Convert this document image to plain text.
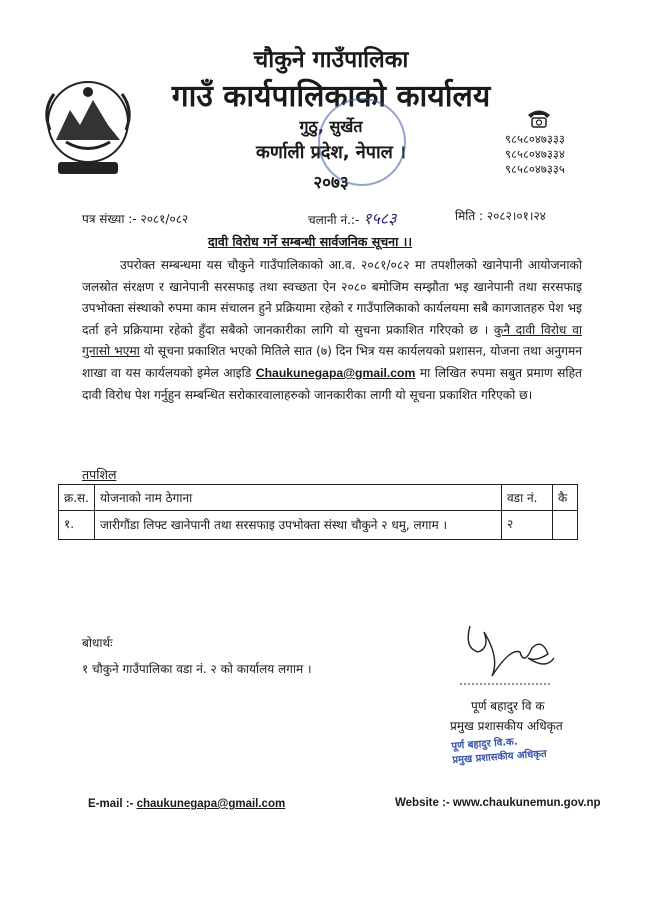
चौकुने गाउँपालिका
गाउँ कार्यपालिकाको कार्यालय
गुठु, सुर्खेत
कर्णाली प्रदेश, नेपाल ।
२०७३
९८५८०४७३३३
९८५८०४७३३४
९८५८०४७३३५
पत्र संख्या :- २०८१/०८२	चलानी नं.:- १५८३	मिति : २०८२।०१।२४
दावी विरोध गर्ने सम्बन्धी सार्वजनिक सूचना ।।
उपरोक्त सम्बन्धमा यस चौकुने गाउँपालिकाको आ.व. २०८१/०८२ मा तपशीलको खानेपानी आयोजनाको जलस्रोत संरक्षण र खानेपानी सरसफाइ तथा स्वच्छता ऐन २०८० बमोजिम सम्झौता भइ खानेपानी तथा सरसफाइ उपभोक्ता संस्थाको रुपमा काम संचालन हुने प्रक्रियामा रहेको र गाउँपालिकाको कार्यलयमा सबै कागजातहरु पेश भइ दर्ता हने प्रक्रियामा रहेको हुँदा सबैको जानकारीका लागि यो सुचना प्रकाशित गरिएको छ । कुनै दावी विरोध वा गुनासो भएमा यो सूचना प्रकाशित भएको मितिले सात (७) दिन भित्र यस कार्यलयको प्रशासन, योजना तथा अनुगमन शाखा वा यस कार्यलयको इमेल आइडि Chaukunegapa@gmail.com मा लिखित रुपमा सबुत प्रमाण सहित दावी विरोध पेश गर्नुहुन सम्बन्धित सरोकारवालाहरुको जानकारीका लागी यो सूचना प्रकाशित गरिएको छ।
तपशिल
क्र.स.	योजनाको नाम ठेगाना	वडा नं.	कै
१.	जारीगौंडा लिफ्ट खानेपानी तथा सरसफाइ उपभोक्ता संस्था चौकुने २ धमु, लगाम ।	२	
बोधार्थः
१ चौकुने गाउँपालिका वडा नं. २ को कार्यालय लगाम ।
पूर्ण बहादुर वि क
प्रमुख प्रशासकीय अधिकृत
पूर्ण बहादुर वि.क.
प्रमुख प्रशासकीय अधिकृत
E-mail :- chaukunegapa@gmail.com	Website :- www.chaukunemun.gov.np
